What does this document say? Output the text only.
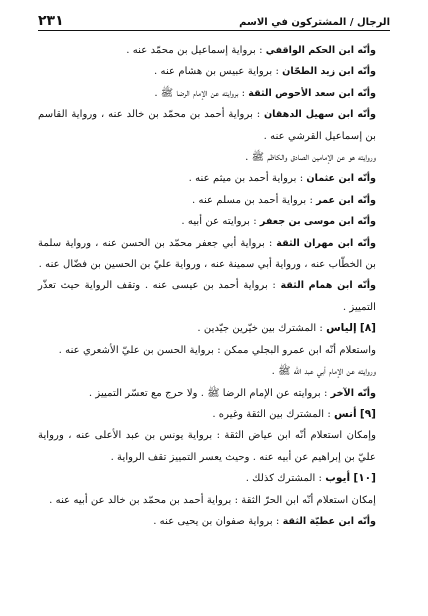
الرجال / المشتركون في الاسم
٢٣١

وأنّه ابن الحكم الواقفي : برواية إسماعيل بن محمّد عنه .

وأنّه ابن زيد الطحّان : برواية عبيس بن هشام عنه .

وأنّه ابن سعد الأحوص الثقة : بروايته عن الإمام الرضا ﷺ .

وأنّه ابن سهيل الدهقان : برواية أحمد بن محمّد بن خالد عنه ، ورواية القاسم بن إسماعيل القرشي عنه .

وروايته هو عن الإمامين الصادق والكاظم ﷺ .

وأنّه ابن عثمان : برواية أحمد بن ميثم عنه .

وأنّه ابن عمر : برواية أحمد بن مسلم عنه .

وأنّه ابن موسى بن جعفر : بروايته عن أبيه .

وأنّه ابن مهران الثقة : برواية أبي جعفر محمّد بن الحسن عنه ، ورواية سلمة بن الخطّاب عنه ، ورواية أبي سمينة عنه ، ورواية عليّ بن الحسين بن فضّال عنه .

وأنّه ابن همام الثقة : برواية أحمد بن عيسى عنه . وتقف الرواية حيث تعذّر التمييز .

[٨] إلياس : المشترك بين خيّرين جيّدين .

واستعلام أنّه ابن عمرو البجلي ممكن : برواية الحسن بن عليّ الأشعري عنه .

وروايته عن الإمام أبي عبد الله ﷺ .

وأنّه الآخر : بروايته عن الإمام الرضا ﷺ . ولا حرج مع تعسّر التمييز .

[٩] أنس : المشترك بين الثقة وغيره .

وإمكان استعلام أنّه ابن عياض الثقة : برواية يونس بن عبد الأعلى عنه ، ورواية عليّ بن إبراهيم عن أبيه عنه . وحيث يعسر التمييز تقف الرواية .

[١٠] أيوب : المشترك كذلك .

إمكان استعلام أنّه ابن الحرّ الثقة : برواية أحمد بن محمّد بن خالد عن أبيه عنه .

وأنّه ابن عطيّة الثقة : برواية صفوان بن يحيى عنه .
